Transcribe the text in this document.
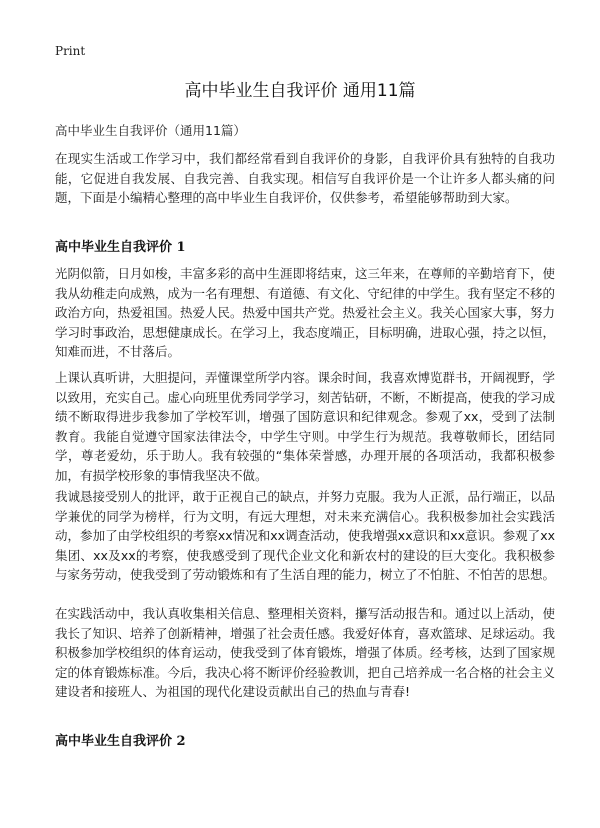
Print
高中毕业生自我评价 通用11篇
高中毕业生自我评价（通用11篇）

在现实生活或工作学习中，我们都经常看到自我评价的身影，自我评价具有独特的自我功能，它促进自我发展、自我完善、自我实现。相信写自我评价是一个让许多人都头痛的问题，下面是小编精心整理的高中毕业生自我评价，仅供参考，希望能够帮助到大家。

高中毕业生自我评价 1

光阴似箭，日月如梭，丰富多彩的高中生涯即将结束，这三年来，在尊师的辛勤培育下，使我从幼稚走向成熟，成为一名有理想、有道德、有文化、守纪律的中学生。我有坚定不移的政治方向，热爱祖国。热爱人民。热爱中国共产党。热爱社会主义。我关心国家大事，努力学习时事政治，思想健康成长。在学习上，我态度端正，目标明确，进取心强，持之以恒，知难而进，不甘落后。

上课认真听讲，大胆提问，弄懂课堂所学内容。课余时间，我喜欢博览群书，开阔视野，学以致用，充实自己。虚心向班里优秀同学学习，刻苦钻研，不断，不断提高，使我的学习成绩不断取得进步我参加了学校军训，增强了国防意识和纪律观念。参观了xx，受到了法制教育。我能自觉遵守国家法律法令，中学生守则。中学生行为规范。我尊敬师长，团结同学，尊老爱幼，乐于助人。我有较强的“集体荣誉感，办理开展的各项活动，我都积极参加，有损学校形象的事情我坚决不做。

我诚恳接受别人的批评，敢于正视自己的缺点，并努力克服。我为人正派，品行端正，以品学兼优的同学为榜样，行为文明，有远大理想，对未来充满信心。我积极参加社会实践活动，参加了由学校组织的考察xx情况和xx调查活动，使我增强xx意识和xx意识。参观了xx集团、xx及xx的考察，使我感受到了现代企业文化和新农村的建设的巨大变化。我积极参与家务劳动，使我受到了劳动锻炼和有了生活自理的能力，树立了不怕脏、不怕苦的思想。

在实践活动中，我认真收集相关信息、整理相关资料，攥写活动报告和。通过以上活动，使我长了知识、培养了创新精神，增强了社会责任感。我爱好体育，喜欢篮球、足球运动。我积极参加学校组织的体育运动，使我受到了体育锻炼，增强了体质。经考核，达到了国家规定的体育锻炼标准。今后，我决心将不断评价经验教训，把自己培养成一名合格的社会主义建设者和接班人、为祖国的现代化建设贡献出自己的热血与青春!

高中毕业生自我评价 2
